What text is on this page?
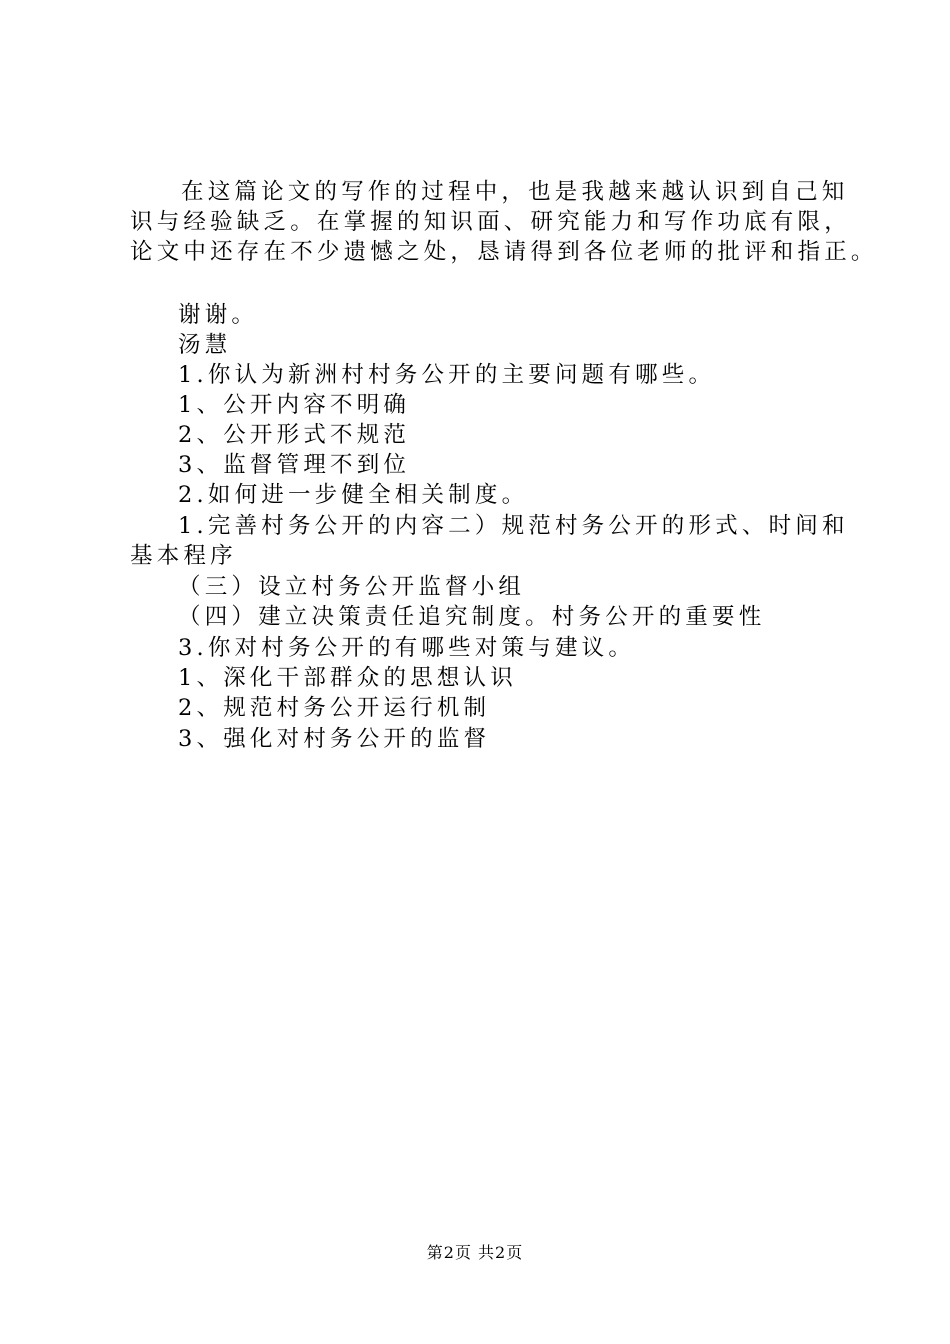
在这篇论文的写作的过程中，也是我越来越认识到自己知
识与经验缺乏。在掌握的知识面、研究能力和写作功底有限，
论文中还存在不少遗憾之处，恳请得到各位老师的批评和指正。
谢谢。
汤慧
1.你认为新洲村村务公开的主要问题有哪些。
1、公开内容不明确
2、公开形式不规范
3、监督管理不到位
2.如何进一步健全相关制度。
1.完善村务公开的内容二）规范村务公开的形式、时间和
基本程序
（三）设立村务公开监督小组
（四）建立决策责任追究制度。村务公开的重要性
3.你对村务公开的有哪些对策与建议。
1、深化干部群众的思想认识
2、规范村务公开运行机制
3、强化对村务公开的监督
第2页 共2页
